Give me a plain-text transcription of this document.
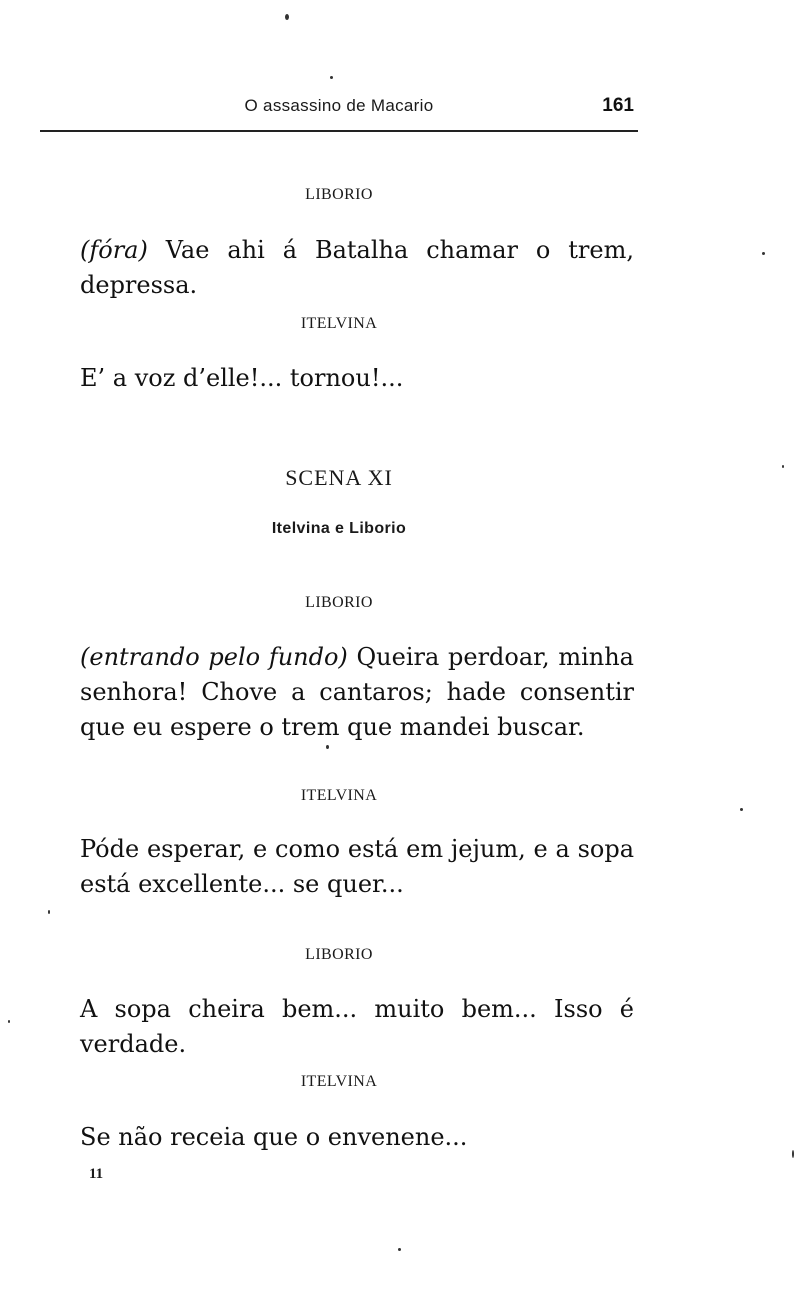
O assassino de Macario	161
LIBORIO
(fóra) Vae ahi á Batalha chamar o trem, depressa.
ITELVINA
E’ a voz d’elle!... tornou!...
SCENA XI
Itelvina e Liborio
LIBORIO
(entrando pelo fundo) Queira perdoar, minha senhora! Chove a cantaros; hade consentir que eu espere o trem que mandei buscar.
ITELVINA
Póde esperar, e como está em jejum, e a sopa está excellente... se quer...
LIBORIO
A sopa cheira bem... muito bem... Isso é verdade.
ITELVINA
Se não receia que o envenene...
11
